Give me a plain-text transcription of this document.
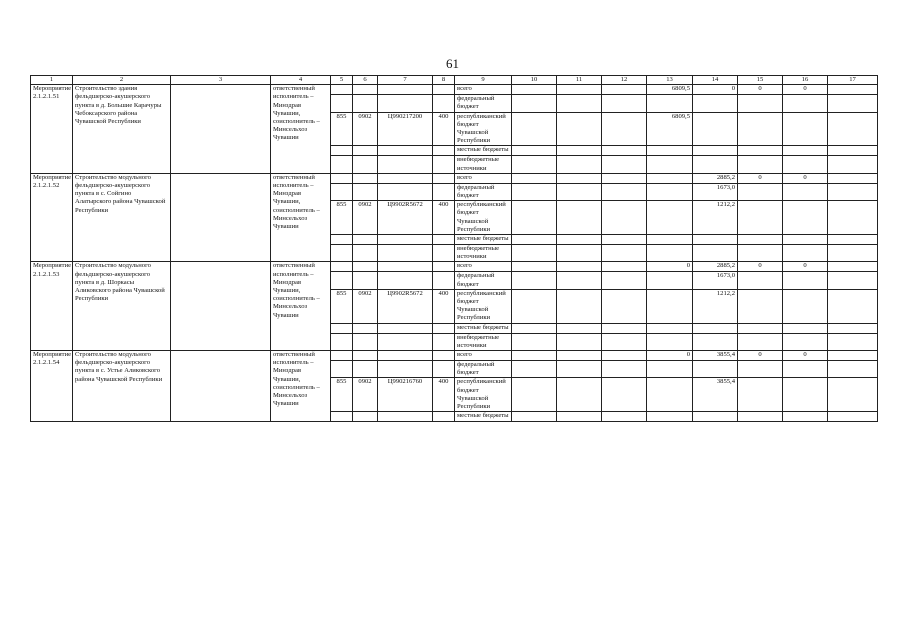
61
1	2	3	4	5	6	7	8	9	10	11	12	13	14	15	16	17
Мероприятие 2.1.2.1.51	Строительство здания фельдшерско-акушерского пункта в д. Большие Карачуры Чебоксарского района Чувашской Республики		ответственный исполнитель – Минздрав Чувашии, соисполнитель – Минсельхоз Чувашии					всего				6809,5	0	0	0	
								федеральный бюджет								
				855	0902	Ц990217200	400	республиканский бюджет Чувашской Республики				6809,5				
								местные бюджеты								
								внебюджетные источники								
Мероприятие 2.1.2.1.52	Строительство модульного фельдшерско-акушерского пункта в с. Сойгино Алатырского района Чувашской Республики		ответственный исполнитель – Минздрав Чувашии, соисполнитель – Минсельхоз Чувашии					всего					2885,2	0	0	
								федеральный бюджет					1673,0			
				855	0902	Ц9902R5672	400	республиканский бюджет Чувашской Республики					1212,2			
								местные бюджеты								
								внебюджетные источники								
Мероприятие 2.1.2.1.53	Строительство модульного фельдшерско-акушерского пункта в д. Шоркасы Аликовского района Чувашской Республики		ответственный исполнитель – Минздрав Чувашии, соисполнитель – Минсельхоз Чувашии					всего				0	2885,2	0	0	
								федеральный бюджет					1673,0			
				855	0902	Ц9902R5672	400	республиканский бюджет Чувашской Республики					1212,2			
								местные бюджеты								
								внебюджетные источники								
Мероприятие 2.1.2.1.54	Строительство модульного фельдшерско-акушерского пункта в с. Устье Аликовского района Чувашской Республики		ответственный исполнитель – Минздрав Чувашии, соисполнитель – Минсельхоз Чувашии					всего				0	3855,4	0	0	
								федеральный бюджет								
				855	0902	Ц990216760	400	республиканский бюджет Чувашской Республики					3855,4			
								местные бюджеты								
